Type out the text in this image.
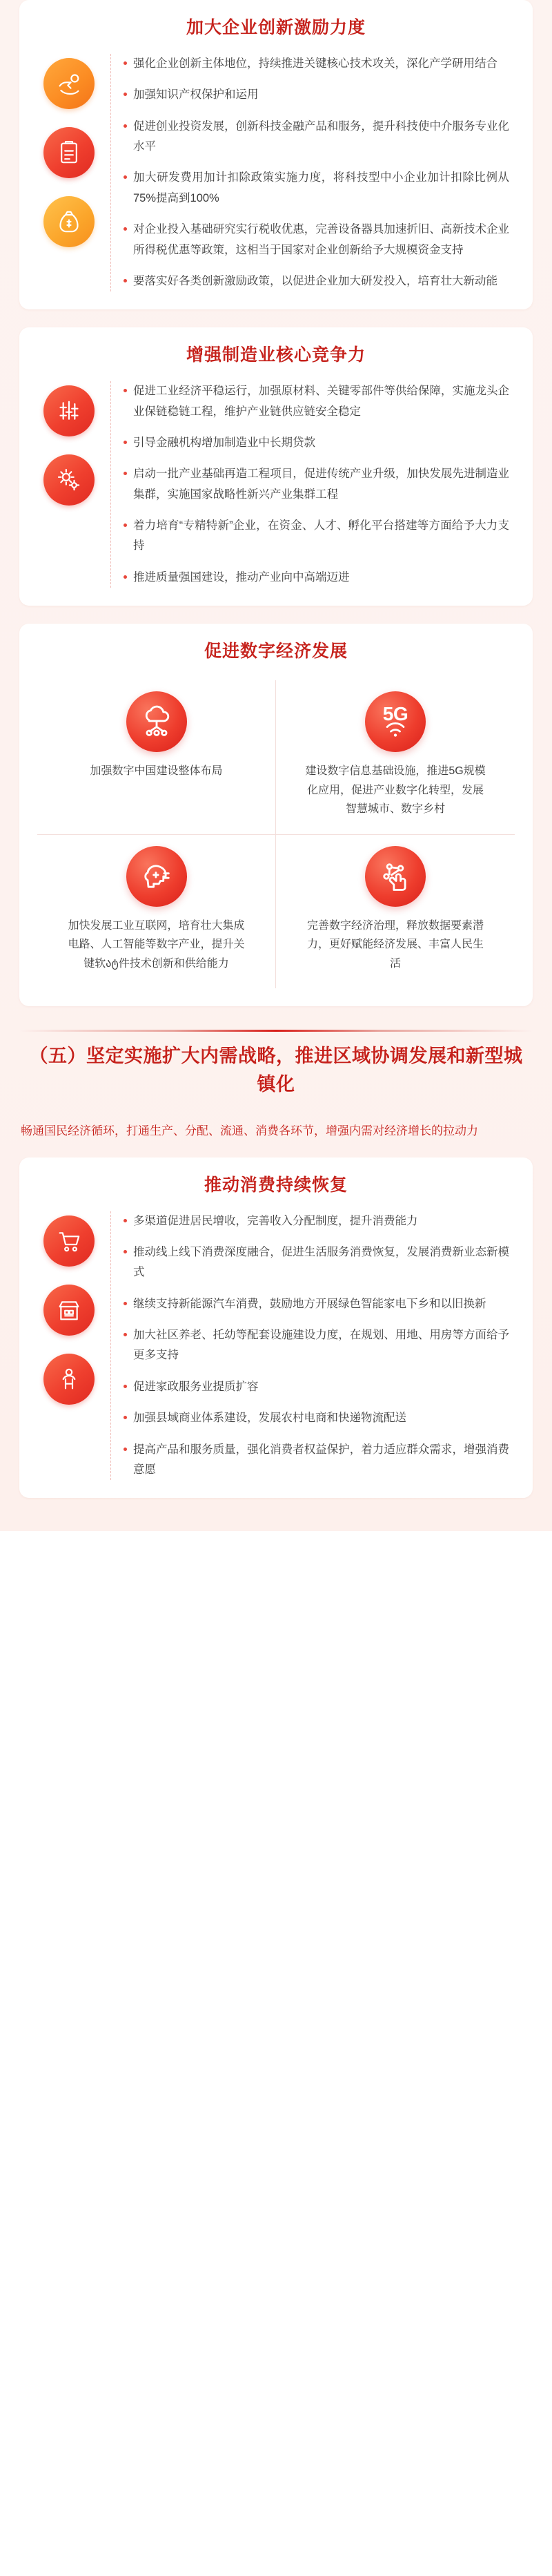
加大企业创新激励力度
强化企业创新主体地位，持续推进关键核心技术攻关，深化产学研用结合
加强知识产权保护和运用
促进创业投资发展，创新科技金融产品和服务，提升科技使中介服务专业化水平
加大研发费用加计扣除政策实施力度，将科技型中小企业加计扣除比例从75%提高到100%
对企业投入基础研究实行税收优惠，完善设备器具加速折旧、高新技术企业所得税优惠等政策，这相当于国家对企业创新给予大规模资金支持
要落实好各类创新激励政策，以促进企业加大研发投入，培育壮大新动能
增强制造业核心竞争力
促进工业经济平稳运行，加强原材料、关键零部件等供给保障，实施龙头企业保链稳链工程，维护产业链供应链安全稳定
引导金融机构增加制造业中长期贷款
启动一批产业基础再造工程项目，促进传统产业升级，加快发展先进制造业集群，实施国家战略性新兴产业集群工程
着力培育“专精特新”企业，在资金、人才、孵化平台搭建等方面给予大力支持
推进质量强国建设，推动产业向中高端迈进
促进数字经济发展

加强数字中国建设整体布局

5G

建设数字信息基础设施，推进5G规模化应用，促进产业数字化转型，发展智慧城市、数字乡村

加快发展工业互联网，培育壮大集成电路、人工智能等数字产业，提升关键软ატ件技术创新和供给能力

完善数字经济治理，释放数据要素潜力，更好赋能经济发展、丰富人民生活

（五）坚定实施扩大内需战略，推进区域协调发展和新型城镇化
畅通国民经济循环，打通生产、分配、流通、消费各环节，增强内需对经济增长的拉动力
推动消费持续恢复
多渠道促进居民增收，完善收入分配制度，提升消费能力
推动线上线下消费深度融合，促进生活服务消费恢复，发展消费新业态新模式
继续支持新能源汽车消费，鼓励地方开展绿色智能家电下乡和以旧换新
加大社区养老、托幼等配套设施建设力度，在规划、用地、用房等方面给予更多支持
促进家政服务业提质扩容
加强县域商业体系建设，发展农村电商和快递物流配送
提高产品和服务质量，强化消费者权益保护，着力适应群众需求，增强消费意愿
